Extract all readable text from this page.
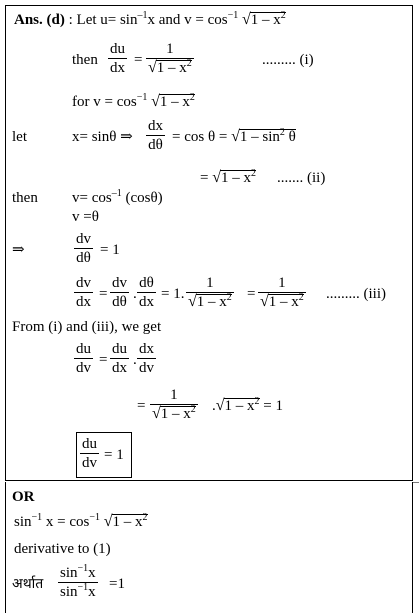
Ans. (d) : Let $u= \sin^{-1}x$ and $v = \cos^{-1} √1 - x^2$
then
du
dx =
1
$√1 - x^2$	......... (i)
for $v = \cos^{-1} √1 - x^2$
let	x= sinθ ⇒
dx
$d\theta = \cos \theta = √1 - \sin^2 \theta$
= $√1 - x^2$ ....... (ii)
then $v= \cos^{-1} (\cos\theta)$
v =θ
⇒
dv
dθ = 1
dv
dx =
dv
dθ .
dθ
dx = 1.
1
$√1 - x^2$ =
1
$√1 - x^2$ ......... (iii)
From (i) and (iii), we get
du
dv =
du
dx .
dx
dv
=
1
$√1 - x^2$ $.√1 - x^2 = 1$
du
dv = 1
OR
$\sin^{-1} x = \cos^{-1} √1 - x^2$
derivative to (1)
अर्थात
$\sin^{-1}x$
$\sin^{-1}x =1$
